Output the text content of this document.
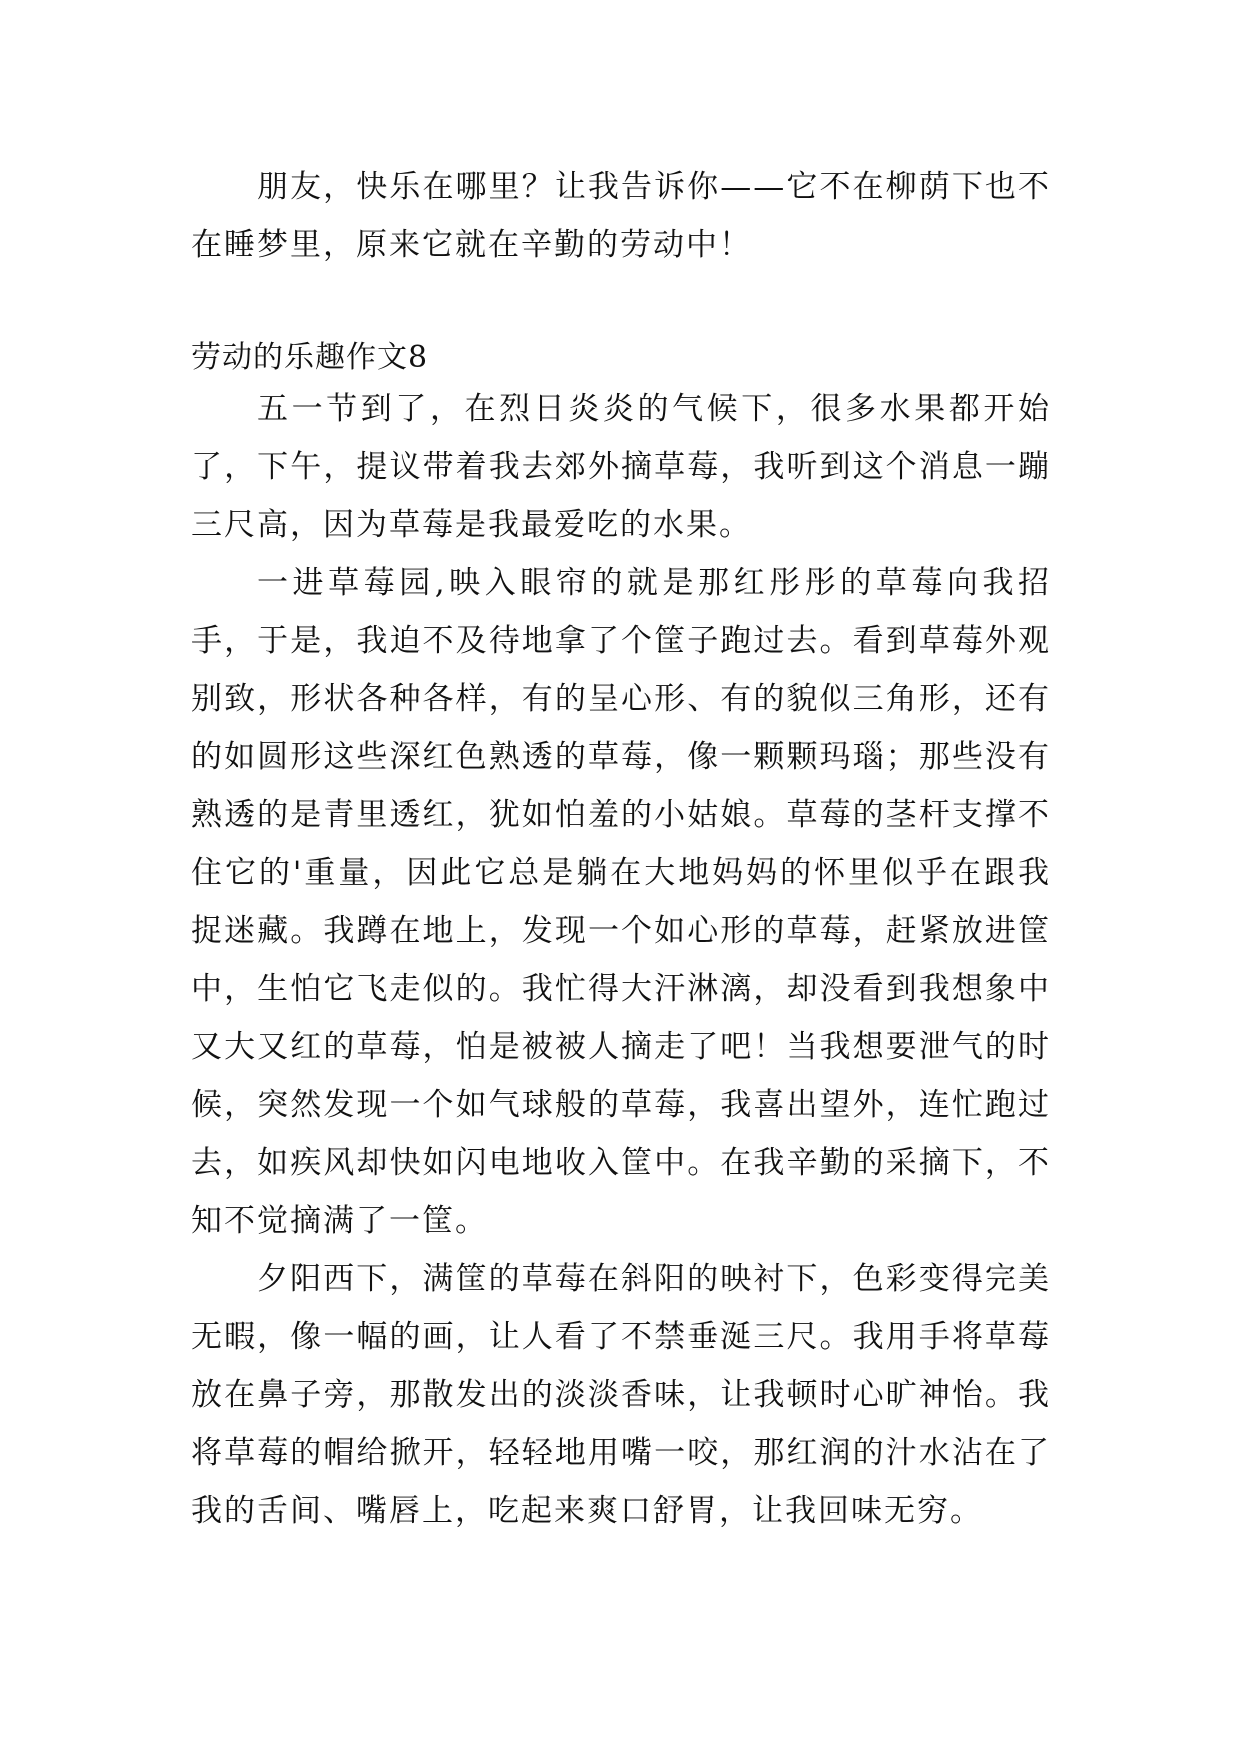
朋友，快乐在哪里？让我告诉你——它不在柳荫下也不在睡梦里，原来它就在辛勤的劳动中！

劳动的乐趣作文8

五一节到了，在烈日炎炎的气候下，很多水果都开始了，下午，提议带着我去郊外摘草莓，我听到这个消息一蹦三尺高，因为草莓是我最爱吃的水果。

一进草莓园,映入眼帘的就是那红彤彤的草莓向我招手，于是，我迫不及待地拿了个筐子跑过去。看到草莓外观别致，形状各种各样，有的呈心形、有的貌似三角形，还有的如圆形这些深红色熟透的草莓，像一颗颗玛瑙；那些没有熟透的是青里透红，犹如怕羞的小姑娘。草莓的茎杆支撑不住它的'重量，因此它总是躺在大地妈妈的怀里似乎在跟我捉迷藏。我蹲在地上，发现一个如心形的草莓，赶紧放进筐中，生怕它飞走似的。我忙得大汗淋漓，却没看到我想象中又大又红的草莓，怕是被被人摘走了吧！当我想要泄气的时候，突然发现一个如气球般的草莓，我喜出望外，连忙跑过去，如疾风却快如闪电地收入筐中。在我辛勤的采摘下，不知不觉摘满了一筐。

夕阳西下，满筐的草莓在斜阳的映衬下，色彩变得完美无暇，像一幅的画，让人看了不禁垂涎三尺。我用手将草莓放在鼻子旁，那散发出的淡淡香味，让我顿时心旷神怡。我将草莓的帽给掀开，轻轻地用嘴一咬，那红润的汁水沾在了我的舌间、嘴唇上，吃起来爽口舒胃，让我回味无穷。
